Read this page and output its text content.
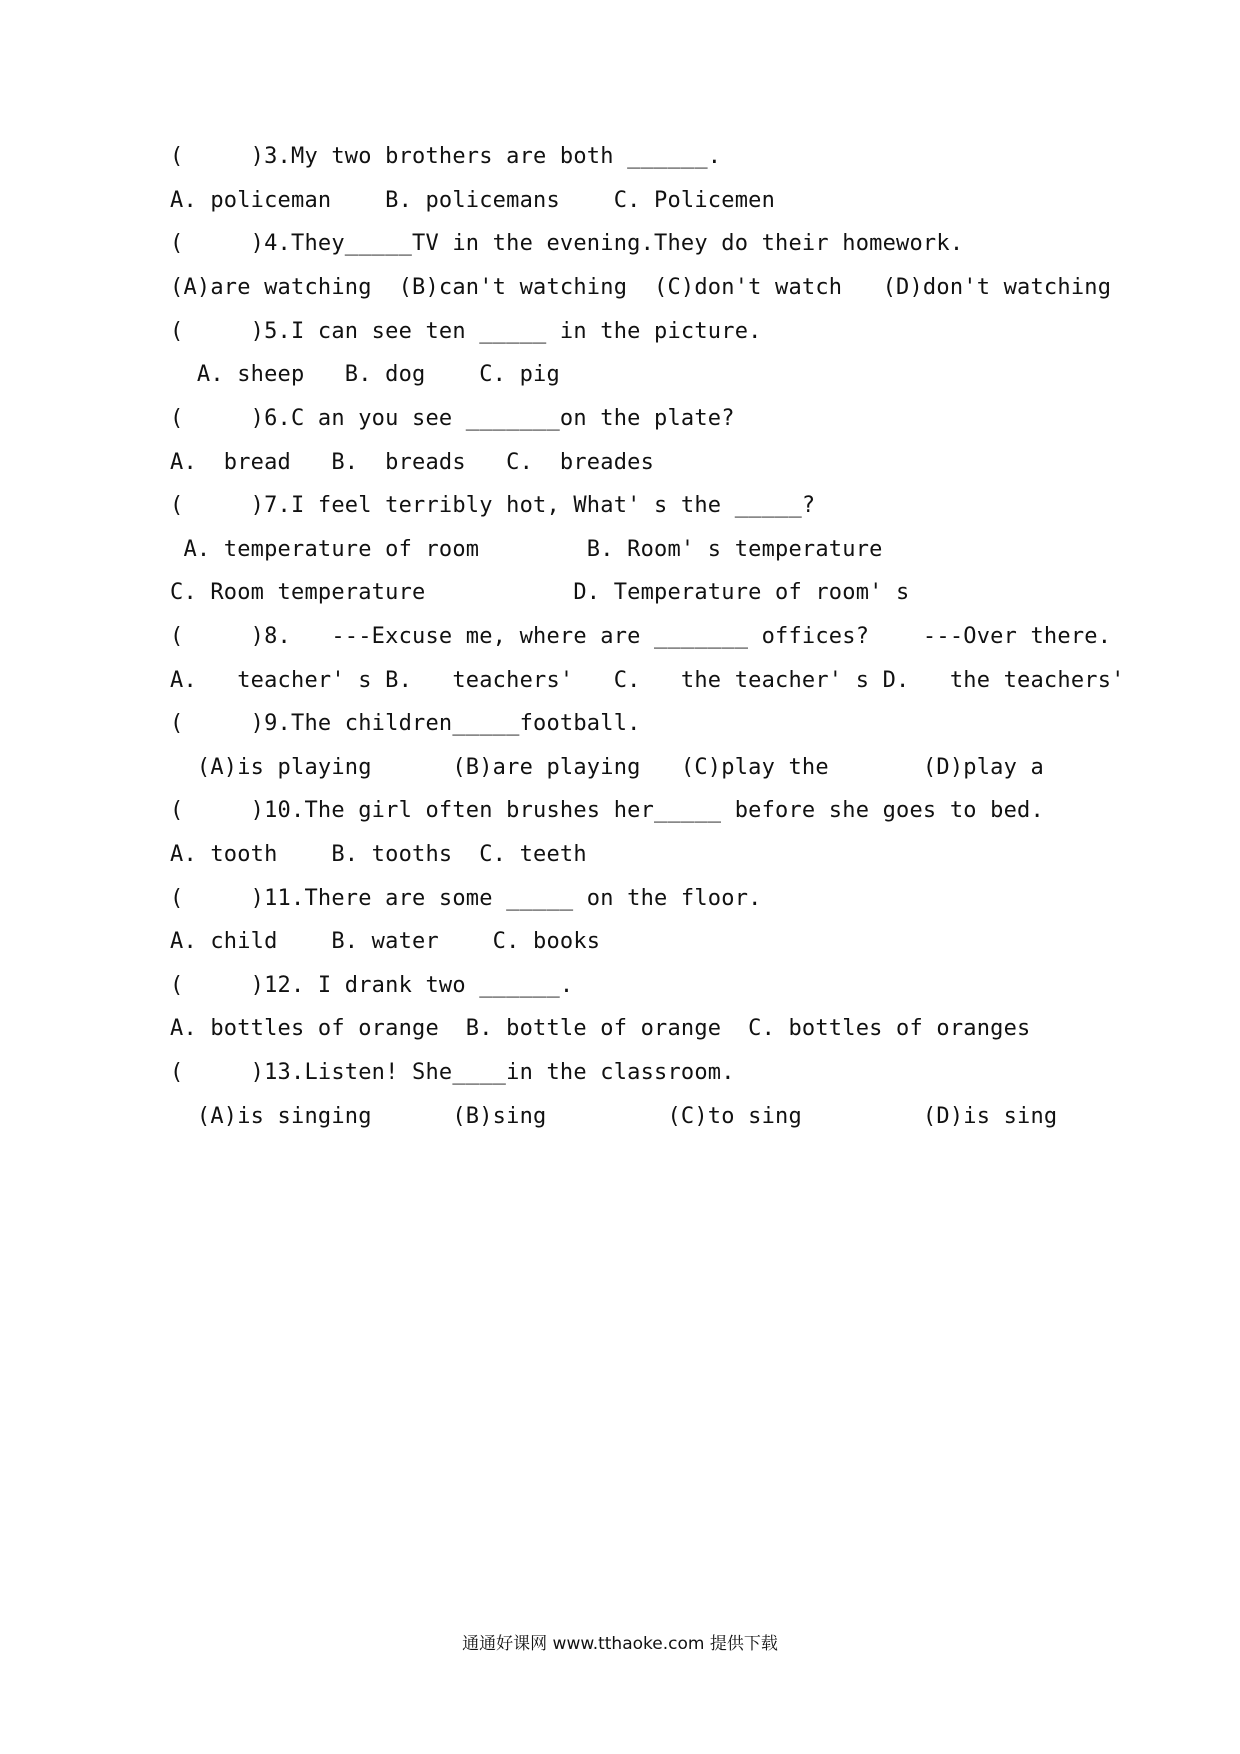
(     )3.My two brothers are both ______.
A. policeman    B. policemans    C. Policemen
(     )4.They_____TV in the evening.They do their homework.
(A)are watching  (B)can't watching  (C)don't watch   (D)don't watching
(     )5.I can see ten _____ in the picture.
A. sheep   B. dog    C. pig
(     )6.C an you see _______on the plate?
A.  bread   B.  breads   C.  breades
(     )7.I feel terribly hot, What' s the _____?
A. temperature of room        B. Room' s temperature
C. Room temperature           D. Temperature of room' s
(     )8.   ---Excuse me, where are _______ offices?    ---Over there.
A.   teacher' s B.   teachers'   C.   the teacher' s D.   the teachers'
(     )9.The children_____football.
(A)is playing      (B)are playing   (C)play the       (D)play a
(     )10.The girl often brushes her_____ before she goes to bed.
A. tooth    B. tooths  C. teeth
(     )11.There are some _____ on the floor.
A. child    B. water    C. books
(     )12. I drank two ______.
A. bottles of orange  B. bottle of orange  C. bottles of oranges
(     )13.Listen! She____in the classroom.
(A)is singing      (B)sing         (C)to sing         (D)is sing
通通好课网 www.tthaoke.com 提供下载
